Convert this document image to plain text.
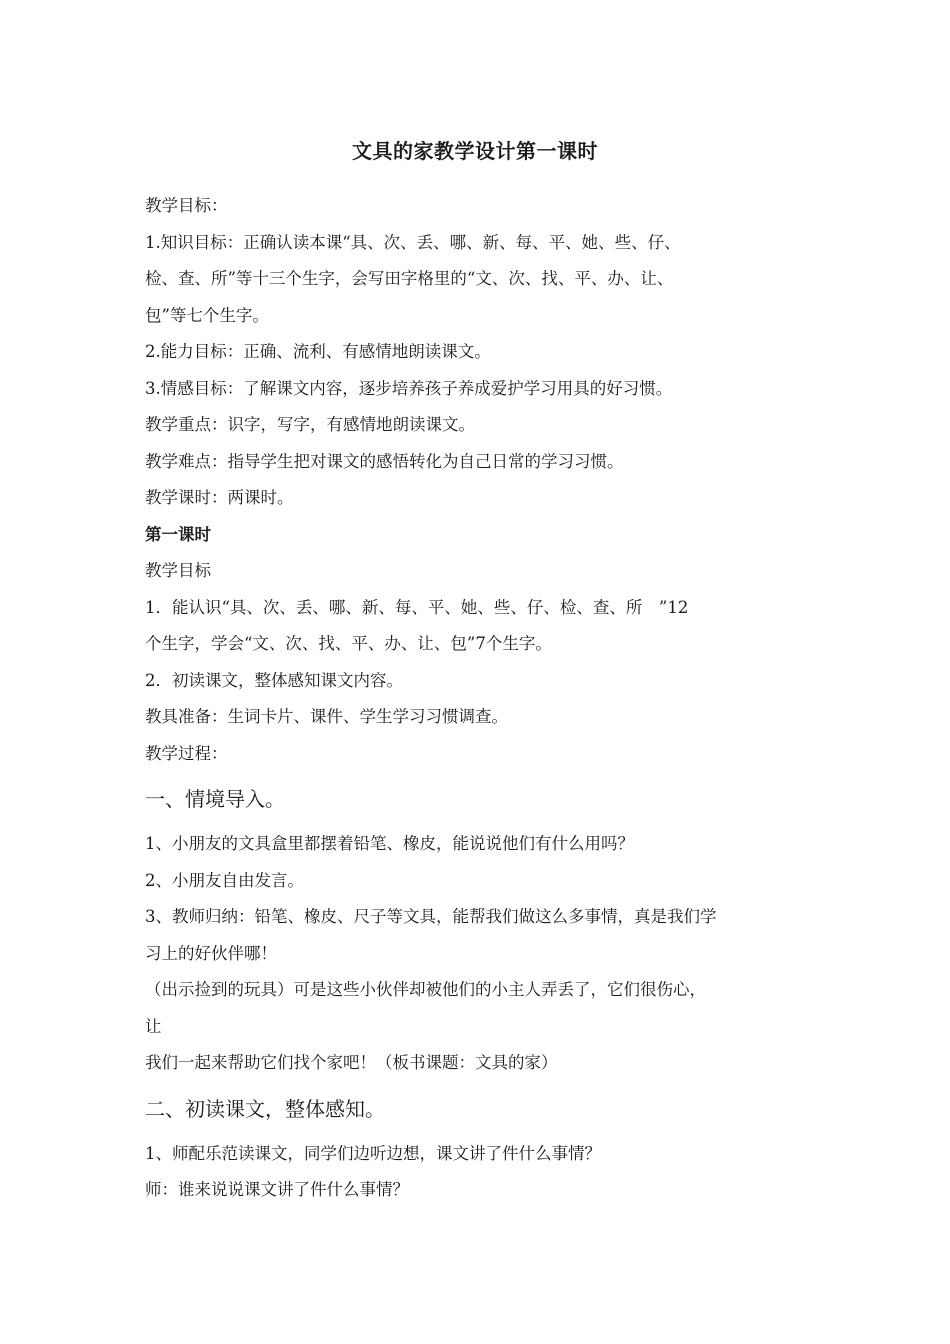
文具的家教学设计第一课时

教学目标：

1.知识目标：正确认读本课“具、次、丢、哪、新、每、平、她、些、仔、

检、查、所”等十三个生字，会写田字格里的“文、次、找、平、办、让、

包”等七个生字。

2.能力目标：正确、流利、有感情地朗读课文。

3.情感目标：了解课文内容，逐步培养孩子养成爱护学习用具的好习惯。

教学重点：识字，写字，有感情地朗读课文。

教学难点：指导学生把对课文的感悟转化为自己日常的学习习惯。

教学课时：两课时。

第一课时

教学目标

1．能认识“具、次、丢、哪、新、每、平、她、些、仔、检、查、所　”12

个生字，学会“文、次、找、平、办、让、包”7个生字。

2．初读课文，整体感知课文内容。

教具准备：生词卡片、课件、学生学习习惯调查。

教学过程：

一、情境导入。

1、小朋友的文具盒里都摆着铅笔、橡皮，能说说他们有什么用吗？

2、小朋友自由发言。

3、教师归纳：铅笔、橡皮、尺子等文具，能帮我们做这么多事情，真是我们学

习上的好伙伴哪！

（出示捡到的玩具）可是这些小伙伴却被他们的小主人弄丢了，它们很伤心，

让

我们一起来帮助它们找个家吧！（板书课题：文具的家）

二、初读课文，整体感知。

1、师配乐范读课文，同学们边听边想，课文讲了件什么事情？

师：谁来说说课文讲了件什么事情？
